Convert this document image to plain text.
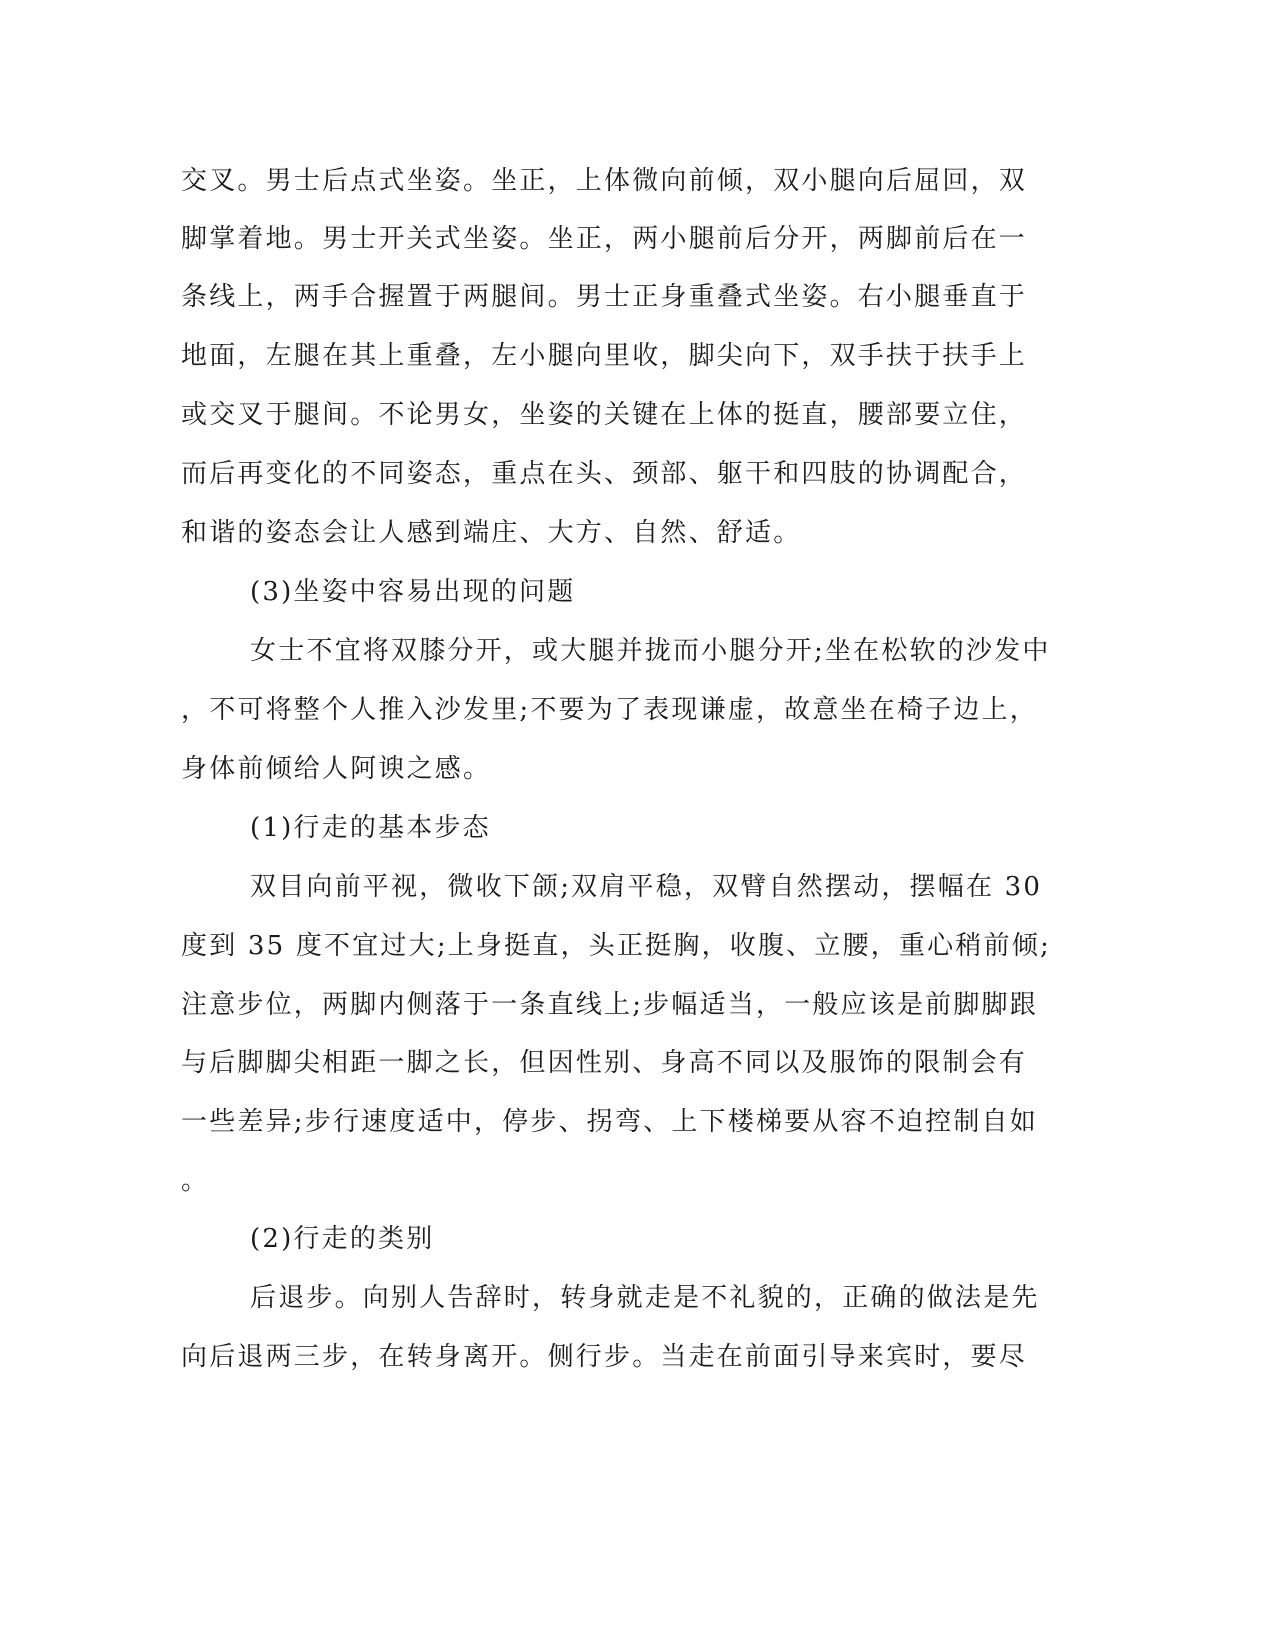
交叉。男士后点式坐姿。坐正，上体微向前倾，双小腿向后屈回，双
脚掌着地。男士开关式坐姿。坐正，两小腿前后分开，两脚前后在一
条线上，两手合握置于两腿间。男士正身重叠式坐姿。右小腿垂直于
地面，左腿在其上重叠，左小腿向里收，脚尖向下，双手扶于扶手上
或交叉于腿间。不论男女，坐姿的关键在上体的挺直，腰部要立住，
而后再变化的不同姿态，重点在头、颈部、躯干和四肢的协调配合，
和谐的姿态会让人感到端庄、大方、自然、舒适。
(3)坐姿中容易出现的问题
女士不宜将双膝分开，或大腿并拢而小腿分开;坐在松软的沙发中
，不可将整个人推入沙发里;不要为了表现谦虚，故意坐在椅子边上，
身体前倾给人阿谀之感。
(1)行走的基本步态
双目向前平视，微收下颌;双肩平稳，双臂自然摆动，摆幅在 30
度到 35 度不宜过大;上身挺直，头正挺胸，收腹、立腰，重心稍前倾;
注意步位，两脚内侧落于一条直线上;步幅适当，一般应该是前脚脚跟
与后脚脚尖相距一脚之长，但因性别、身高不同以及服饰的限制会有
一些差异;步行速度适中，停步、拐弯、上下楼梯要从容不迫控制自如
。
(2)行走的类别
后退步。向别人告辞时，转身就走是不礼貌的，正确的做法是先
向后退两三步，在转身离开。侧行步。当走在前面引导来宾时，要尽
